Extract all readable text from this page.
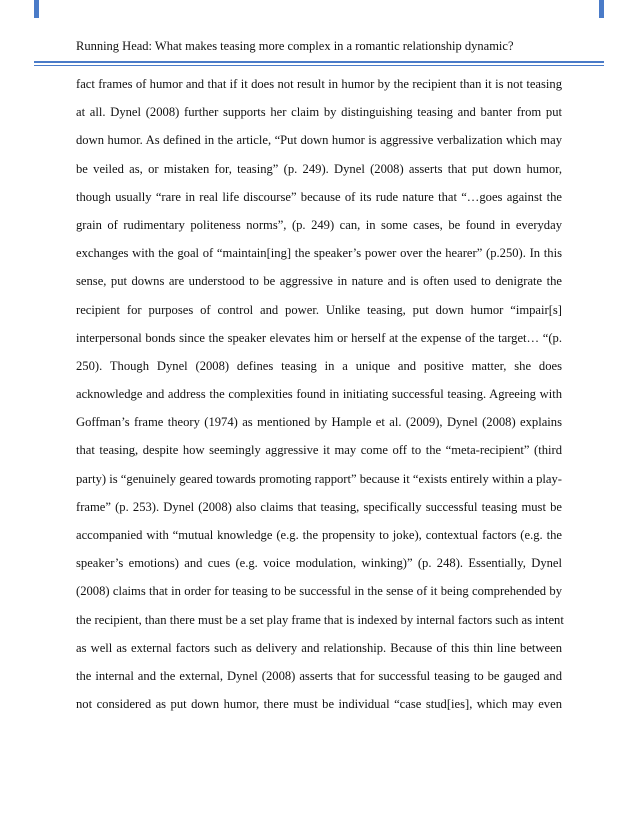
Running Head: What makes teasing more complex in a romantic relationship dynamic?
fact frames of humor and that if it does not result in humor by the recipient than it is not teasing
at all. Dynel (2008) further supports her claim by distinguishing teasing and banter from put
down humor. As defined in the article, “Put down humor is aggressive verbalization which may
be veiled as, or mistaken for, teasing” (p. 249). Dynel (2008) asserts that put down humor,
though usually “rare in real life discourse” because of its rude nature that “…goes against the
grain of rudimentary politeness norms”, (p. 249) can, in some cases, be found in everyday
exchanges with the goal of “maintain[ing] the speaker’s power over the hearer” (p.250). In this
sense, put downs are understood to be aggressive in nature and is often used to denigrate the
recipient for purposes of control and power. Unlike teasing, put down humor “impair[s]
interpersonal bonds since the speaker elevates him or herself at the expense of the target… “(p.
250). Though Dynel (2008) defines teasing in a unique and positive matter, she does
acknowledge and address the complexities found in initiating successful teasing. Agreeing with
Goffman’s frame theory (1974) as mentioned by Hample et al. (2009), Dynel (2008) explains
that teasing, despite how seemingly aggressive it may come off to the “meta-recipient” (third
party) is “genuinely geared towards promoting rapport” because it “exists entirely within a play-
frame” (p. 253). Dynel (2008) also claims that teasing, specifically successful teasing must be
accompanied with “mutual knowledge (e.g. the propensity to joke), contextual factors (e.g. the
speaker’s emotions) and cues (e.g. voice modulation, winking)” (p. 248). Essentially, Dynel
(2008) claims that in order for teasing to be successful in the sense of it being comprehended by
the recipient, than there must be a set play frame that is indexed by internal factors such as intent
as well as external factors such as delivery and relationship. Because of this thin line between
the internal and the external, Dynel (2008) asserts that for successful teasing to be gauged and
not considered as put down humor, there must be individual “case stud[ies], which may even
